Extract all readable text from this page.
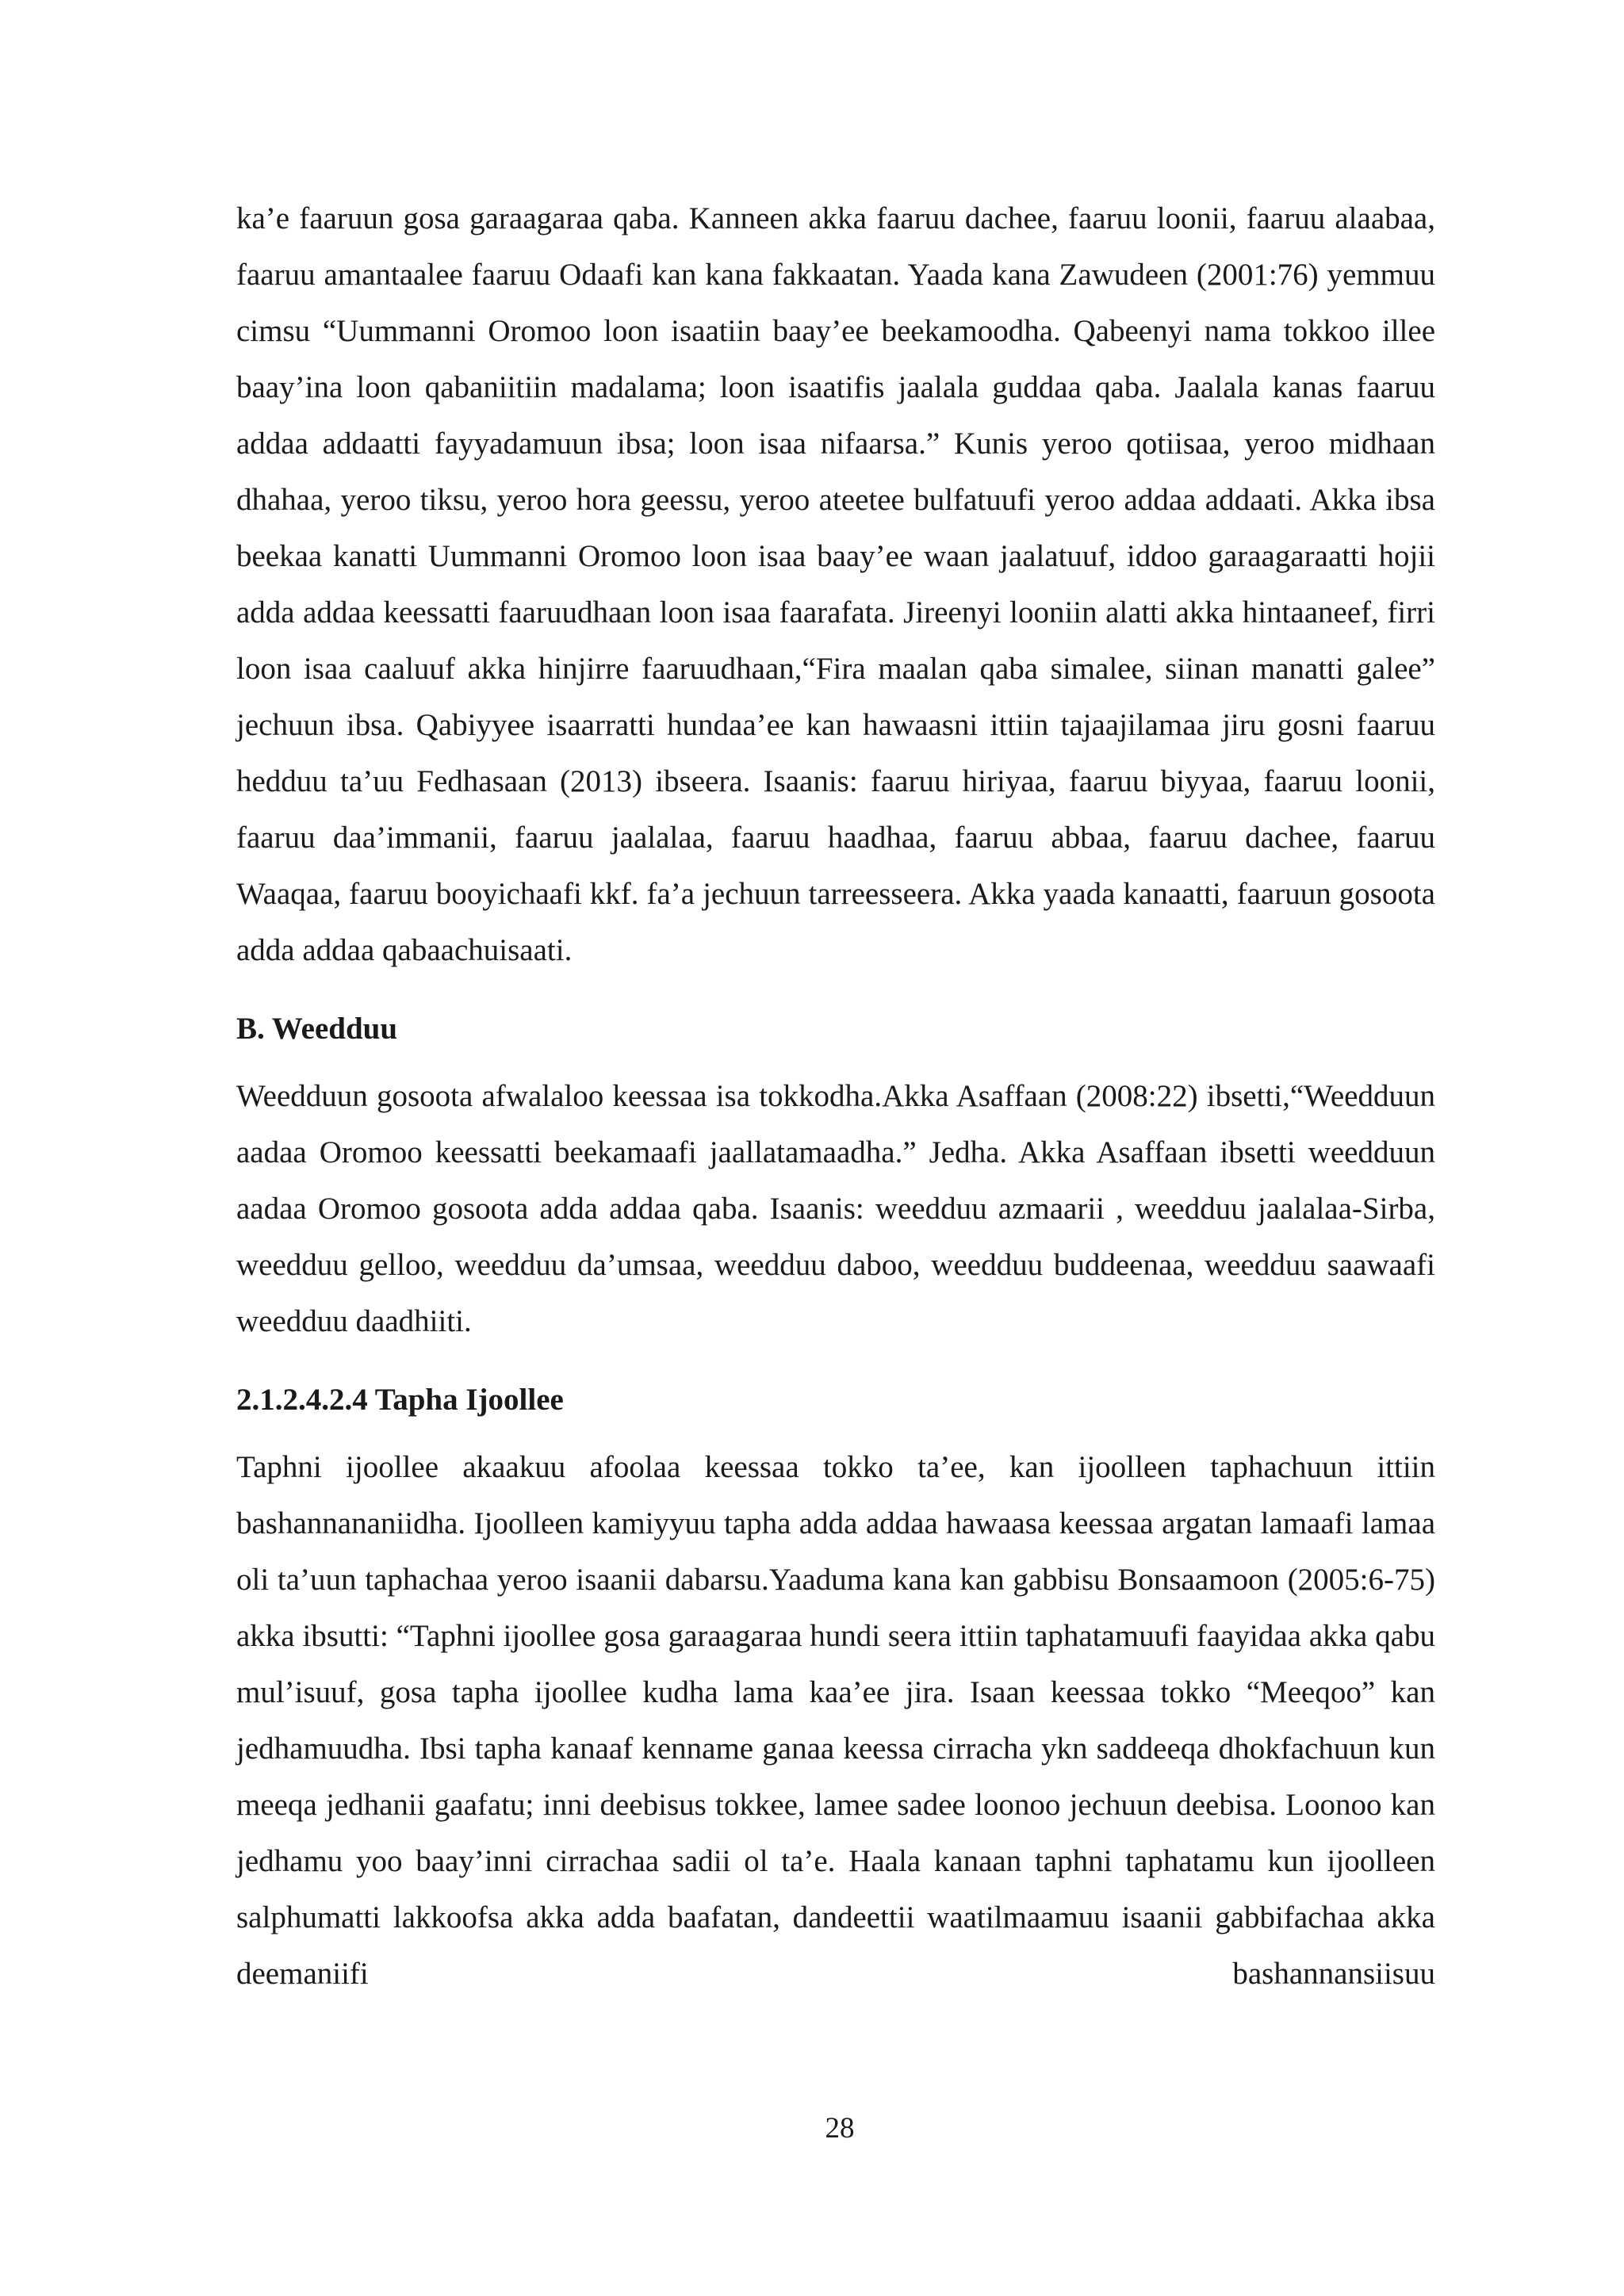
ka’e faaruun gosa garaagaraa qaba. Kanneen akka faaruu dachee, faaruu loonii, faaruu alaabaa, faaruu amantaalee faaruu Odaafi kan kana fakkaatan. Yaada kana Zawudeen (2001:76) yemmuu cimsu “Uummanni Oromoo loon isaatiin baay’ee beekamoodha. Qabeenyi nama tokkoo illee baay’ina loon qabaniitiin madalama; loon isaatifis jaalala guddaa qaba. Jaalala kanas faaruu addaa addaatti fayyadamuun ibsa; loon isaa nifaarsa.” Kunis yeroo qotiisaa, yeroo midhaan dhahaa, yeroo tiksu, yeroo hora geessu, yeroo ateetee bulfatuufi yeroo addaa addaati. Akka ibsa beekaa kanatti Uummanni Oromoo loon isaa baay’ee waan jaalatuuf, iddoo garaagaraatti hojii adda addaa keessatti faaruudhaan loon isaa faarafata. Jireenyi looniin alatti akka hintaaneef, firri loon isaa caaluuf akka hinjirre faaruudhaan,“Fira maalan qaba simalee, siinan manatti galee” jechuun ibsa. Qabiyyee isaarratti hundaa’ee kan hawaasni ittiin tajaajilamaa jiru gosni faaruu hedduu ta’uu Fedhasaan (2013) ibseera. Isaanis: faaruu hiriyaa, faaruu biyyaa, faaruu loonii, faaruu daa’immanii, faaruu jaalalaa, faaruu haadhaa, faaruu abbaa, faaruu dachee, faaruu Waaqaa, faaruu booyichaafi kkf. fa’a jechuun tarreesseera. Akka yaada kanaatti, faaruun gosoota adda addaa qabaachuisaati.

B. Weedduu

Weedduun gosoota afwalaloo keessaa isa tokkodha.Akka Asaffaan (2008:22) ibsetti,“Weedduun aadaa Oromoo keessatti beekamaafi jaallatamaadha.” Jedha. Akka Asaffaan ibsetti weedduun aadaa Oromoo gosoota adda addaa qaba. Isaanis: weedduu azmaarii , weedduu jaalalaa-Sirba, weedduu gelloo, weedduu da’umsaa, weedduu daboo, weedduu buddeenaa, weedduu saawaafi weedduu daadhiiti.

2.1.2.4.2.4 Tapha Ijoollee

Taphni ijoollee akaakuu afoolaa keessaa tokko ta’ee, kan ijoolleen taphachuun ittiin bashannananiidha. Ijoolleen kamiyyuu tapha adda addaa hawaasa keessaa argatan lamaafi lamaa oli ta’uun taphachaa yeroo isaanii dabarsu.Yaaduma kana kan gabbisu Bonsaamoon (2005:6-75) akka ibsutti: “Taphni ijoollee gosa garaagaraa hundi seera ittiin taphatamuufi faayidaa akka qabu mul’isuuf, gosa tapha ijoollee kudha lama kaa’ee jira. Isaan keessaa tokko “Meeqoo” kan jedhamuudha. Ibsi tapha kanaaf kenname ganaa keessa cirracha ykn saddeeqa dhokfachuun kun meeqa jedhanii gaafatu; inni deebisus tokkee, lamee sadee loonoo jechuun deebisa. Loonoo kan jedhamu yoo baay’inni cirrachaa sadii ol ta’e. Haala kanaan taphni taphatamu kun ijoolleen salphumatti lakkoofsa akka adda baafatan, dandeettii waatilmaamuu isaanii gabbifachaa akka deemaniifi bashannansiisuu

28
